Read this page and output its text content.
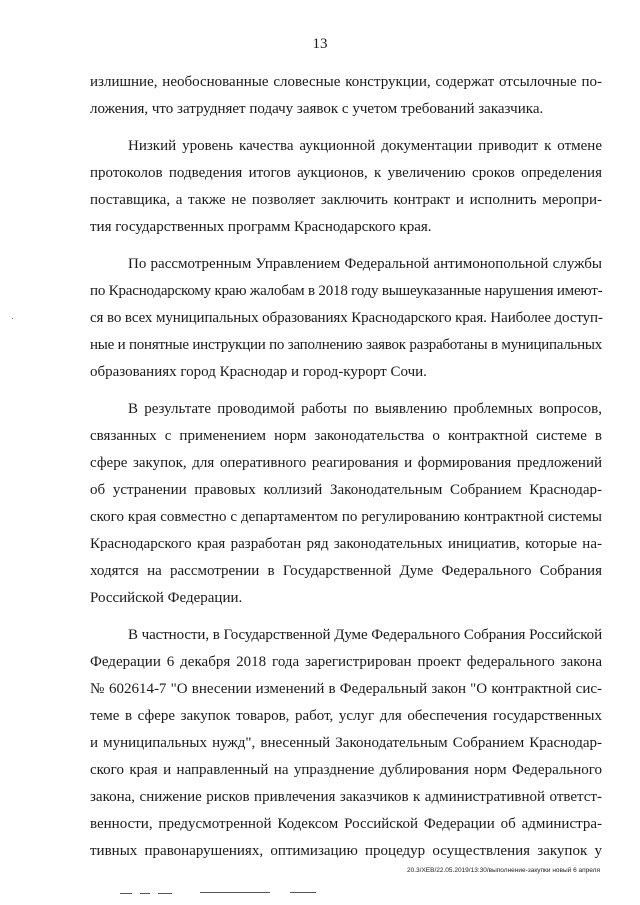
13
излишние, необоснованные словесные конструкции, содержат отсылочные по-
ложения, что затрудняет подачу заявок с учетом требований заказчика.
Низкий уровень качества аукционной документации приводит к отмене
протоколов подведения итогов аукционов, к увеличению сроков определения
поставщика, а также не позволяет заключить контракт и исполнить меропри-
тия государственных программ Краснодарского края.
По рассмотренным Управлением Федеральной антимонопольной службы
по Краснодарскому краю жалобам в 2018 году вышеуказанные нарушения имеют-
ся во всех муниципальных образованиях Краснодарского края. Наиболее доступ-
ные и понятные инструкции по заполнению заявок разработаны в муниципальных
образованиях город Краснодар и город-курорт Сочи.
В результате проводимой работы по выявлению проблемных вопросов,
связанных с применением норм законодательства о контрактной системе в
сфере закупок, для оперативного реагирования и формирования предложений
об устранении правовых коллизий Законодательным Собранием Краснодар-
ского края совместно с департаментом по регулированию контрактной системы
Краснодарского края разработан ряд законодательных инициатив, которые на-
ходятся на рассмотрении в Государственной Думе Федерального Собрания
Российской Федерации.
В частности, в Государственной Думе Федерального Собрания Российской
Федерации 6 декабря 2018 года зарегистрирован проект федерального закона
№ 602614-7 "О внесении изменений в Федеральный закон "О контрактной сис-
теме в сфере закупок товаров, работ, услуг для обеспечения государственных
и муниципальных нужд", внесенный Законодательным Собранием Краснодар-
ского края и направленный на упразднение дублирования норм Федерального
закона, снижение рисков привлечения заказчиков к административной ответст-
венности, предусмотренной Кодексом Российской Федерации об администра-
тивных правонарушениях, оптимизацию процедур осуществления закупок у
20.3/ХЕВ/22.05.2019/13:30/выполнение-закупки новый 6 апреля
